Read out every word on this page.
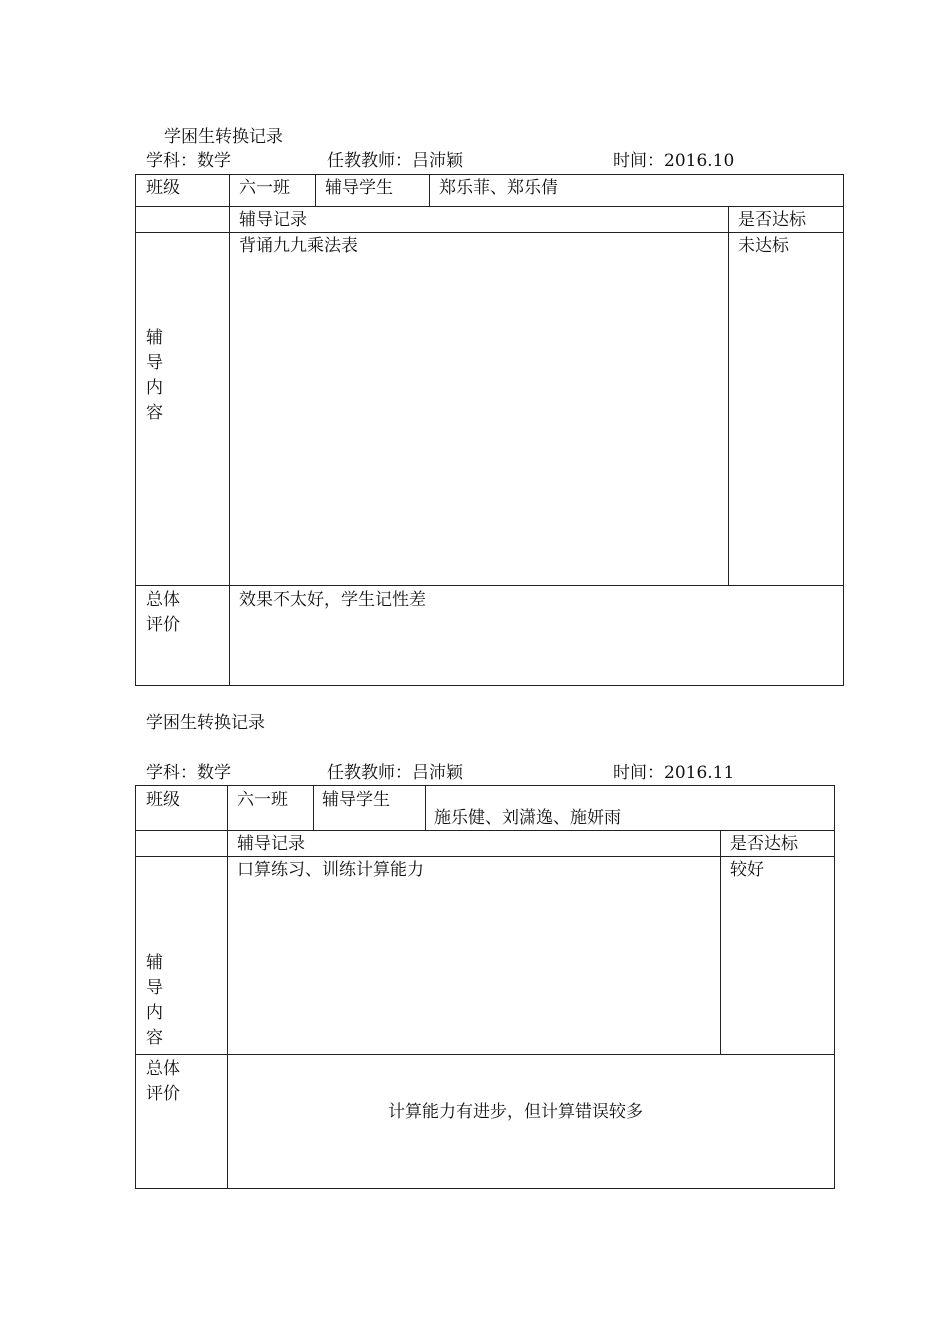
学困生转换记录
学科：数学	任教教师：吕沛颖	时间：2016.10
班级	六一班 辅导学生	郑乐菲、郑乐倩
辅导记录	是否达标
辅导内容
背诵九九乘法表	未达标
总体
评价
效果不太好，学生记性差
学困生转换记录
学科：数学	任教教师：吕沛颖	时间：2016.11
班级	六一班 辅导学生
施乐健、刘潇逸、施妍雨
辅导记录	是否达标
辅导内容
口算练习、训练计算能力	较好
总体
评价
计算能力有进步，但计算错误较多
